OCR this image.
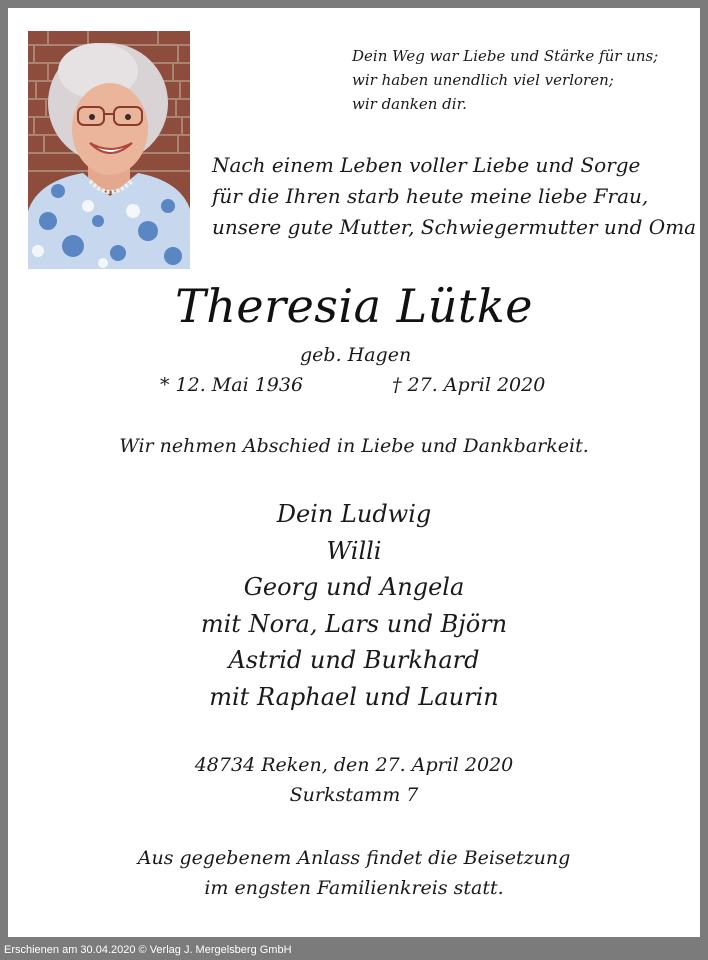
Dein Weg war Liebe und Stärke für uns;
wir haben unendlich viel verloren;
wir danken dir.
Nach einem Leben voller Liebe und Sorge
für die Ihren starb heute meine liebe Frau,
unsere gute Mutter, Schwiegermutter und Oma
Theresia Lütke
geb. Hagen
* 12. Mai 1936	† 27. April 2020
Wir nehmen Abschied in Liebe und Dankbarkeit.
Dein Ludwig
Willi
Georg und Angela
mit Nora, Lars und Björn
Astrid und Burkhard
mit Raphael und Laurin
48734 Reken, den 27. April 2020
Surkstamm 7
Aus gegebenem Anlass findet die Beisetzung
im engsten Familienkreis statt.
Erschienen am 30.04.2020 © Verlag J. Mergelsberg GmbH
